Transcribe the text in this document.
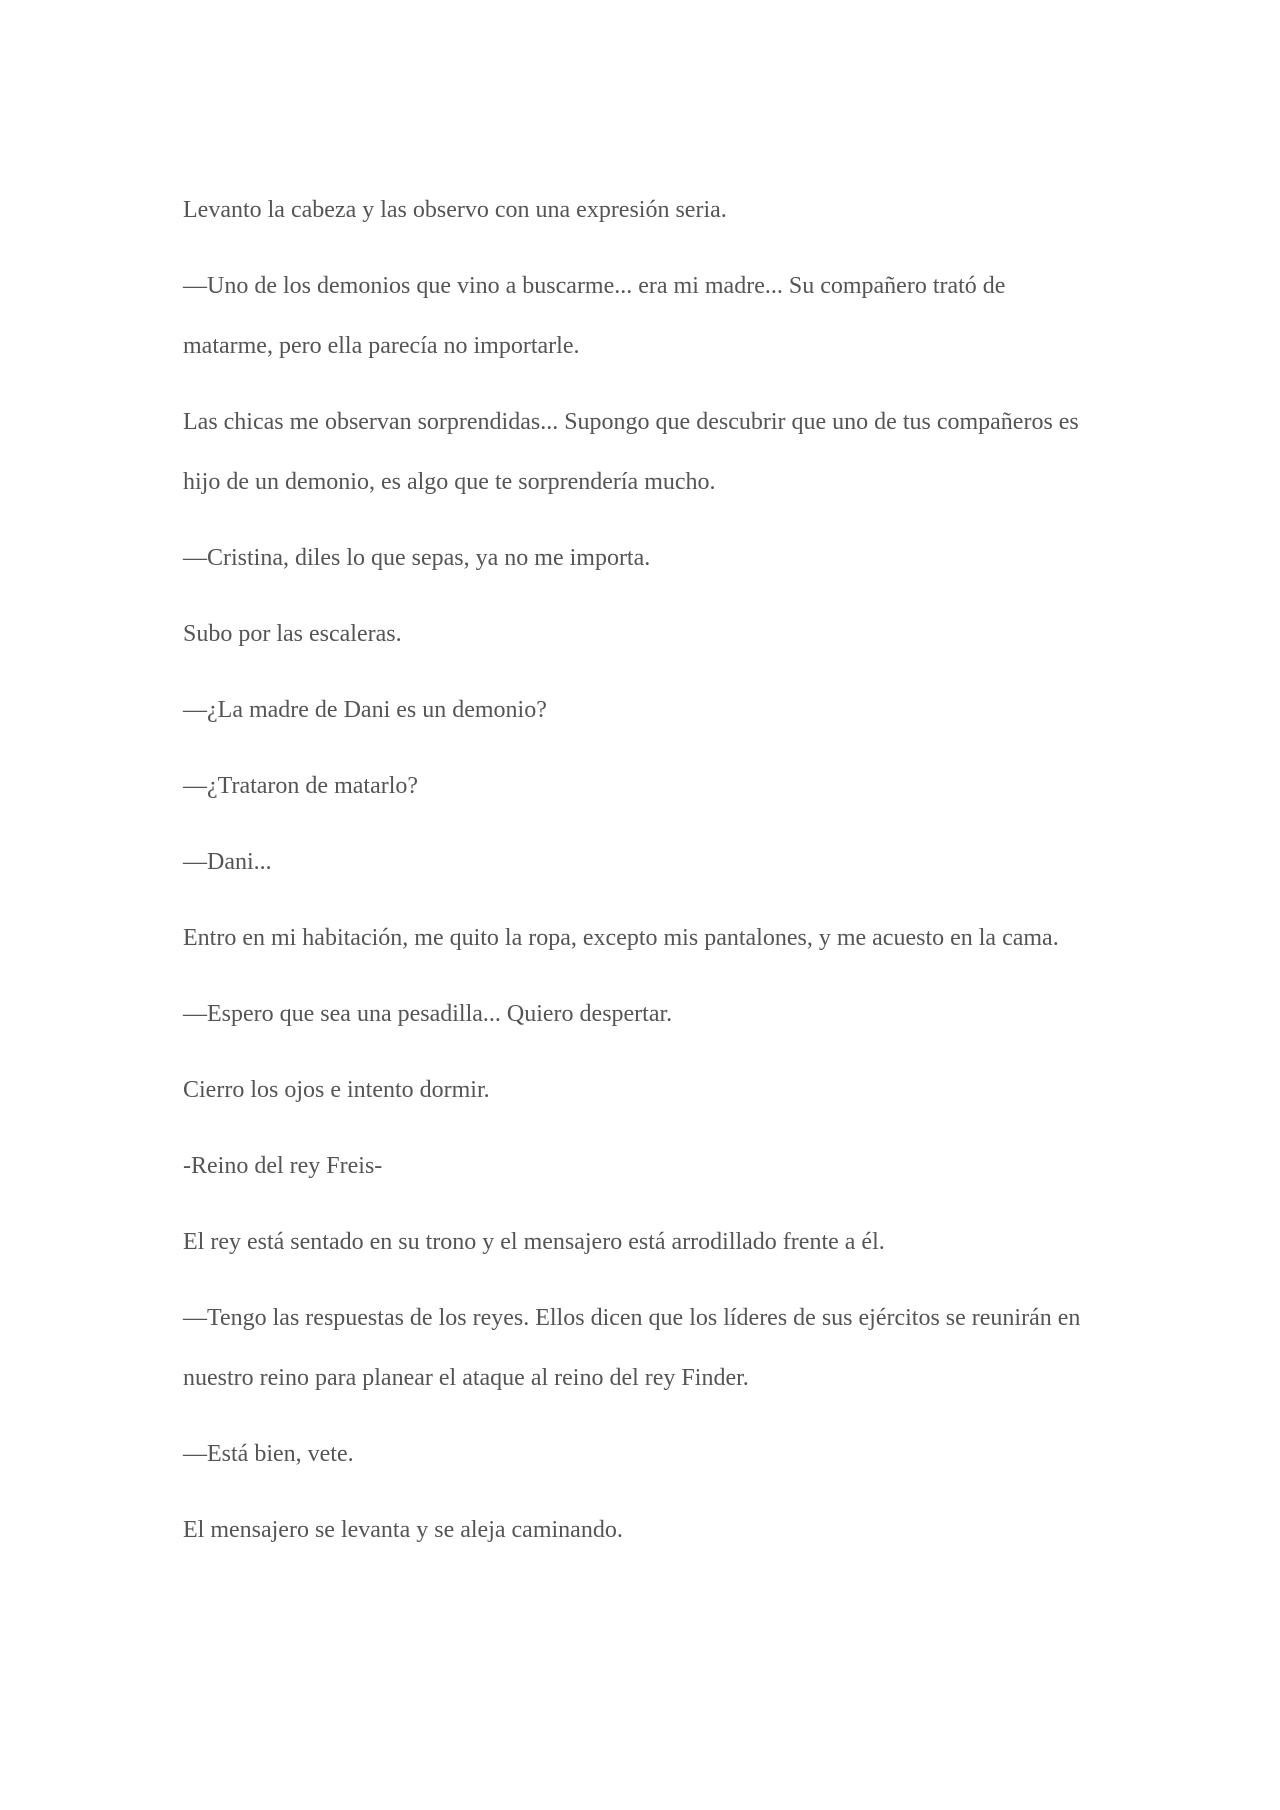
Levanto la cabeza y las observo con una expresión seria.

—Uno de los demonios que vino a buscarme... era mi madre... Su compañero trató de matarme, pero ella parecía no importarle.

Las chicas me observan sorprendidas... Supongo que descubrir que uno de tus compañeros es hijo de un demonio, es algo que te sorprendería mucho.

—Cristina, diles lo que sepas, ya no me importa.

Subo por las escaleras.

—¿La madre de Dani es un demonio?

—¿Trataron de matarlo?

—Dani...

Entro en mi habitación, me quito la ropa, excepto mis pantalones, y me acuesto en la cama.

—Espero que sea una pesadilla... Quiero despertar.

Cierro los ojos e intento dormir.

-Reino del rey Freis-

El rey está sentado en su trono y el mensajero está arrodillado frente a él.

—Tengo las respuestas de los reyes. Ellos dicen que los líderes de sus ejércitos se reunirán en nuestro reino para planear el ataque al reino del rey Finder.

—Está bien, vete.

El mensajero se levanta y se aleja caminando.
